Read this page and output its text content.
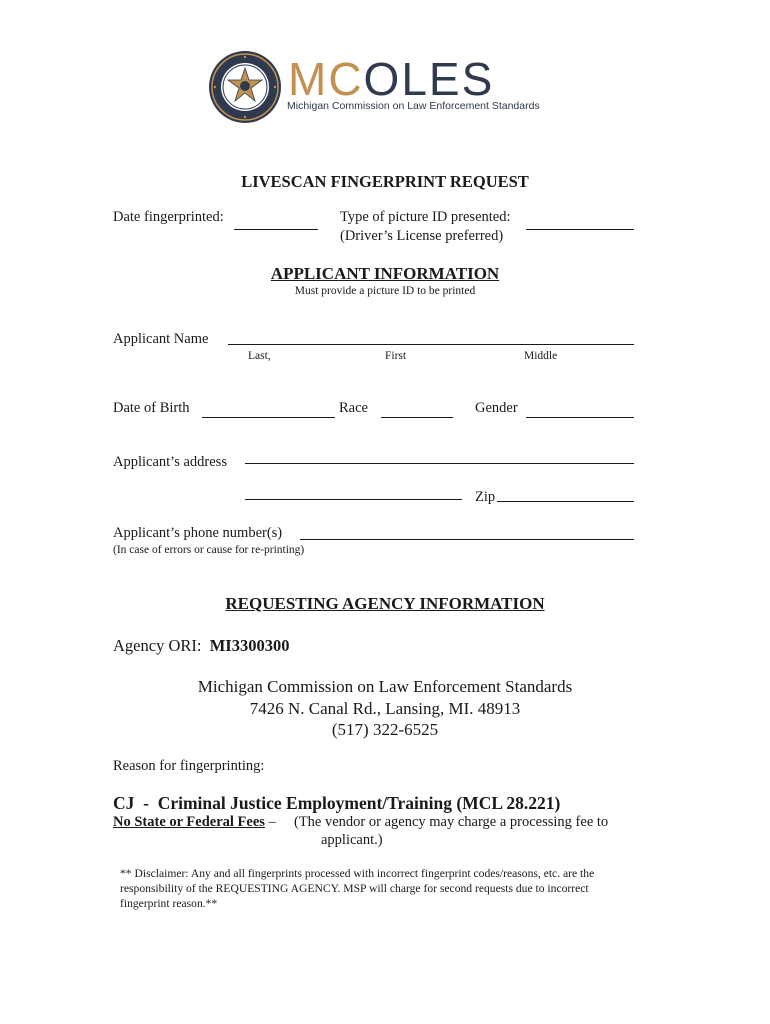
MCOLES
Michigan Commission on Law Enforcement Standards
LIVESCAN FINGERPRINT REQUEST
Date fingerprinted:	Type of picture ID presented:
(Driver’s License preferred)
APPLICANT INFORMATION
Must provide a picture ID to be printed
Applicant Name
Last,	First	Middle
Date of Birth	Race	Gender
Applicant’s address
Zip
Applicant’s phone number(s)
(In case of errors or cause for re-printing)
REQUESTING AGENCY INFORMATION
Agency ORI: MI3300300
Michigan Commission on Law Enforcement Standards
7426 N. Canal Rd., Lansing, MI. 48913
(517) 322-6525
Reason for fingerprinting:
CJ  -  Criminal Justice Employment/Training (MCL 28.221)
No State or Federal Fees – (The vendor or agency may charge a processing fee to
applicant.)
** Disclaimer: Any and all fingerprints processed with incorrect fingerprint codes/reasons, etc. are the
responsibility of the REQUESTING AGENCY. MSP will charge for second requests due to incorrect
fingerprint reason.**
